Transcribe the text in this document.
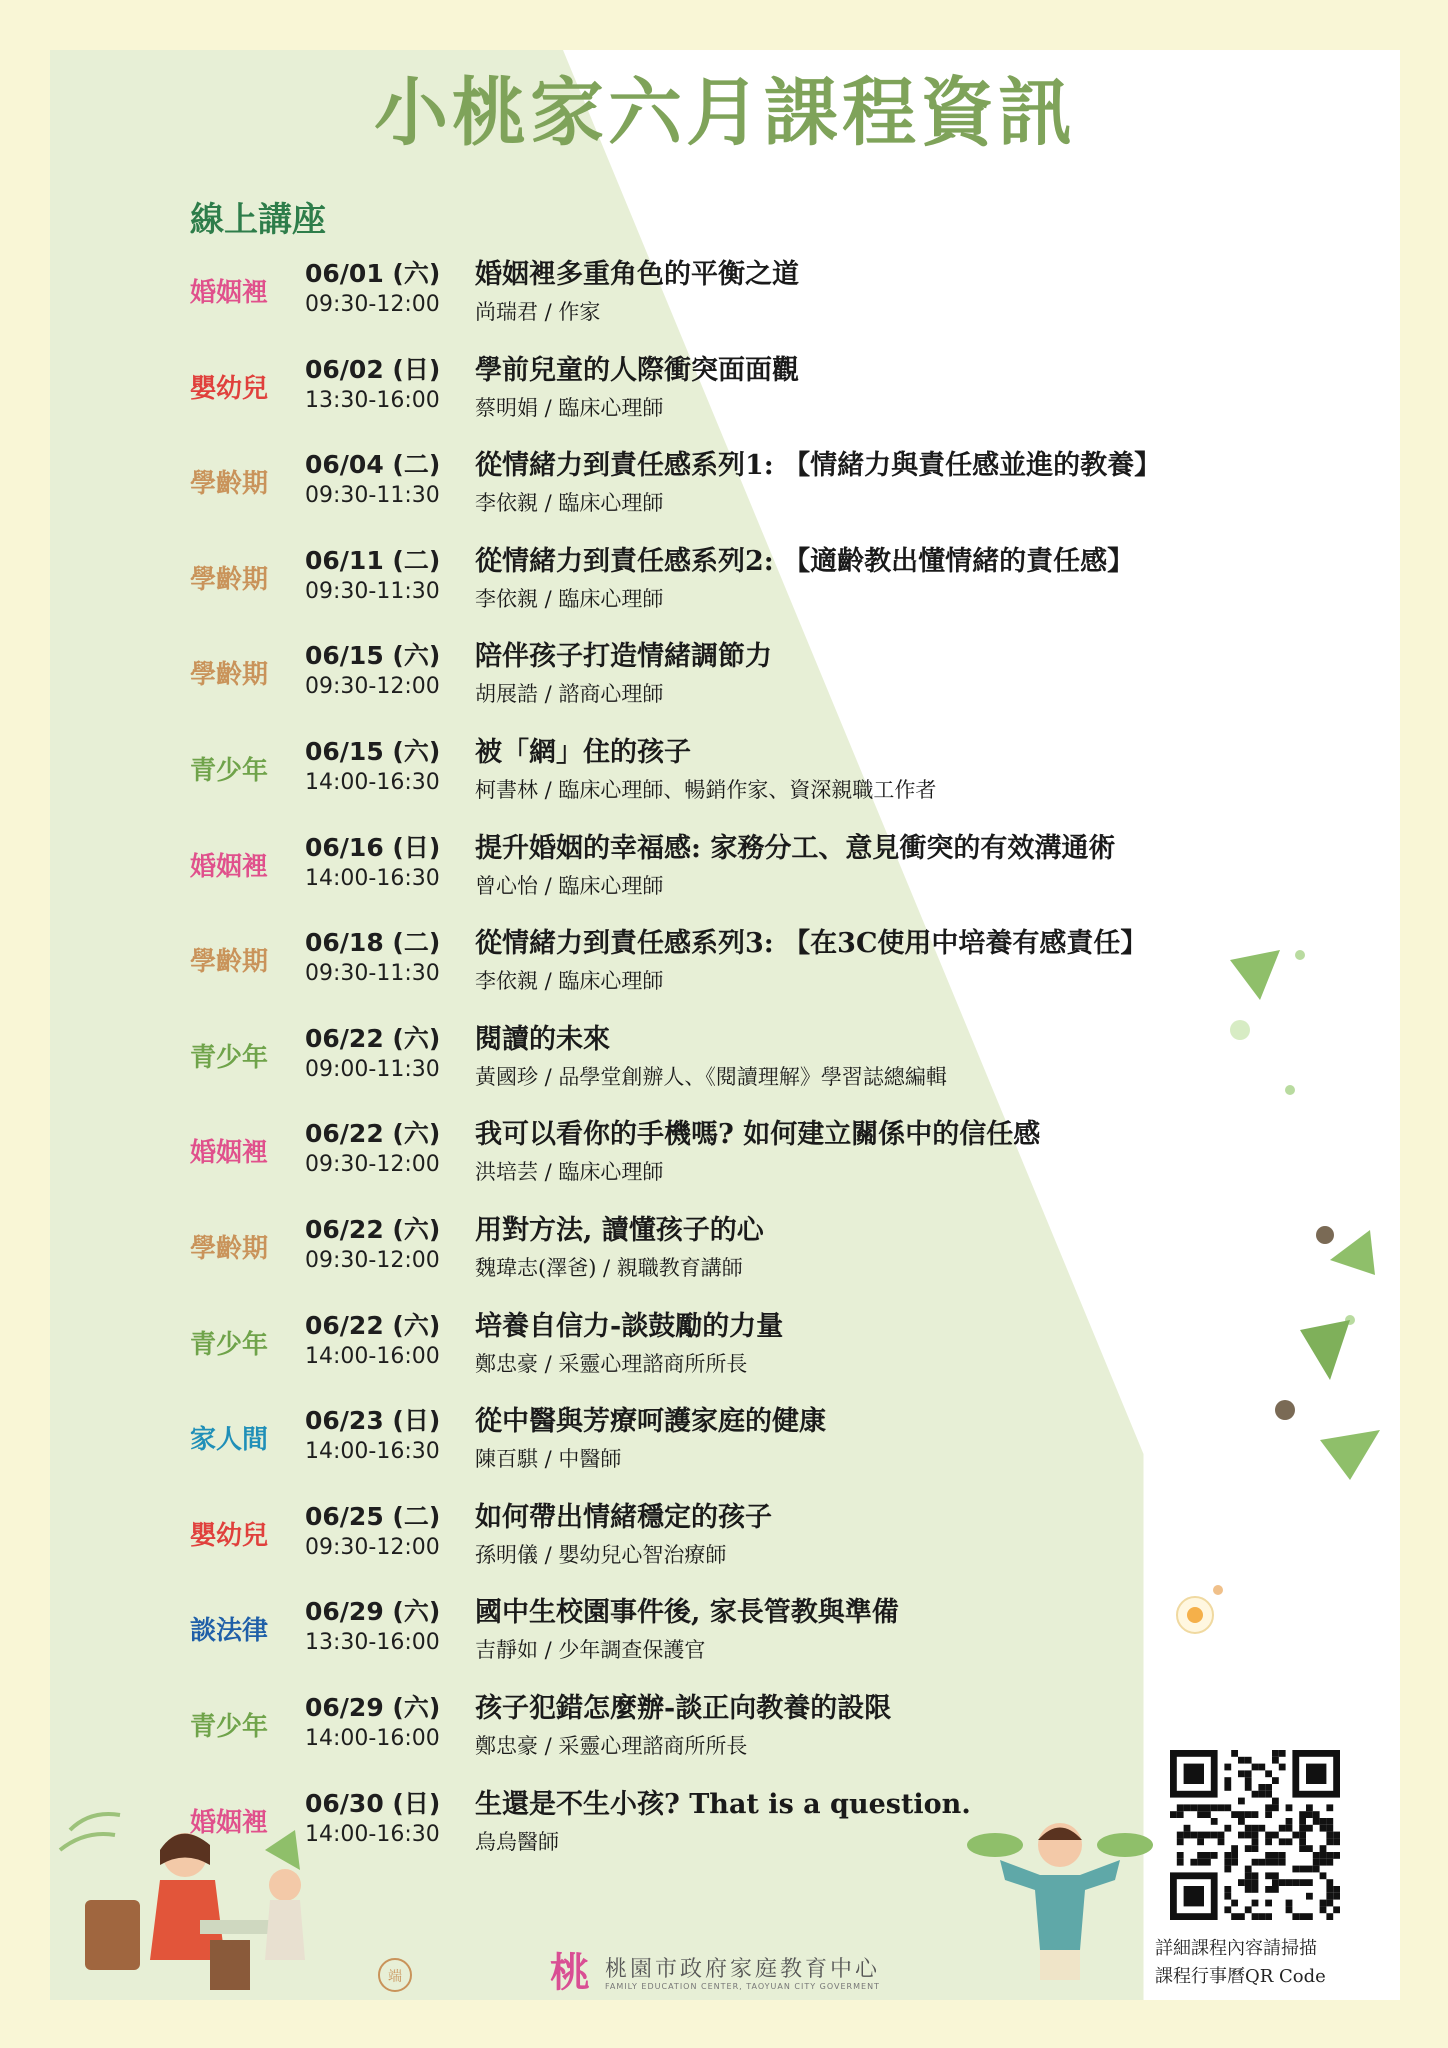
小桃家六月課程資訊
線上講座
婚姻裡
06/01 (六)
09:30-12:00
婚姻裡多重角色的平衡之道
尚瑞君 / 作家
嬰幼兒
06/02 (日)
13:30-16:00
學前兒童的人際衝突面面觀
蔡明娟 / 臨床心理師
學齡期
06/04 (二)
09:30-11:30
從情緒力到責任感系列1: 【情緒力與責任感並進的教養】
李依親 / 臨床心理師
學齡期
06/11 (二)
09:30-11:30
從情緒力到責任感系列2: 【適齡教出懂情緒的責任感】
李依親 / 臨床心理師
學齡期
06/15 (六)
09:30-12:00
陪伴孩子打造情緒調節力
胡展誥 / 諮商心理師
青少年
06/15 (六)
14:00-16:30
被「網」住的孩子
柯書林 / 臨床心理師、暢銷作家、資深親職工作者
婚姻裡
06/16 (日)
14:00-16:30
提升婚姻的幸福感: 家務分工、意見衝突的有效溝通術
曾心怡 / 臨床心理師
學齡期
06/18 (二)
09:30-11:30
從情緒力到責任感系列3: 【在3C使用中培養有感責任】
李依親 / 臨床心理師
青少年
06/22 (六)
09:00-11:30
閱讀的未來
黃國珍 / 品學堂創辦人、《閱讀理解》學習誌總編輯
婚姻裡
06/22 (六)
09:30-12:00
我可以看你的手機嗎? 如何建立關係中的信任感
洪培芸 / 臨床心理師
學齡期
06/22 (六)
09:30-12:00
用對方法, 讀懂孩子的心
魏瑋志(澤爸) / 親職教育講師
青少年
06/22 (六)
14:00-16:00
培養自信力-談鼓勵的力量
鄭忠豪 / 采靈心理諮商所所長
家人間
06/23 (日)
14:00-16:30
從中醫與芳療呵護家庭的健康
陳百騏 / 中醫師
嬰幼兒
06/25 (二)
09:30-12:00
如何帶出情緒穩定的孩子
孫明儀 / 嬰幼兒心智治療師
談法律
06/29 (六)
13:30-16:00
國中生校園事件後, 家長管教與準備
吉靜如 / 少年調查保護官
青少年
06/29 (六)
14:00-16:00
孩子犯錯怎麼辦-談正向教養的設限
鄭忠豪 / 采靈心理諮商所所長
婚姻裡
06/30 (日)
14:00-16:30
生還是不生小孩? That is a question.
烏烏醫師
端
詳細課程內容請掃描
課程行事曆QR Code
桃 桃園市政府家庭教育中心
FAMILY EDUCATION CENTER, TAOYUAN CITY GOVERMENT
